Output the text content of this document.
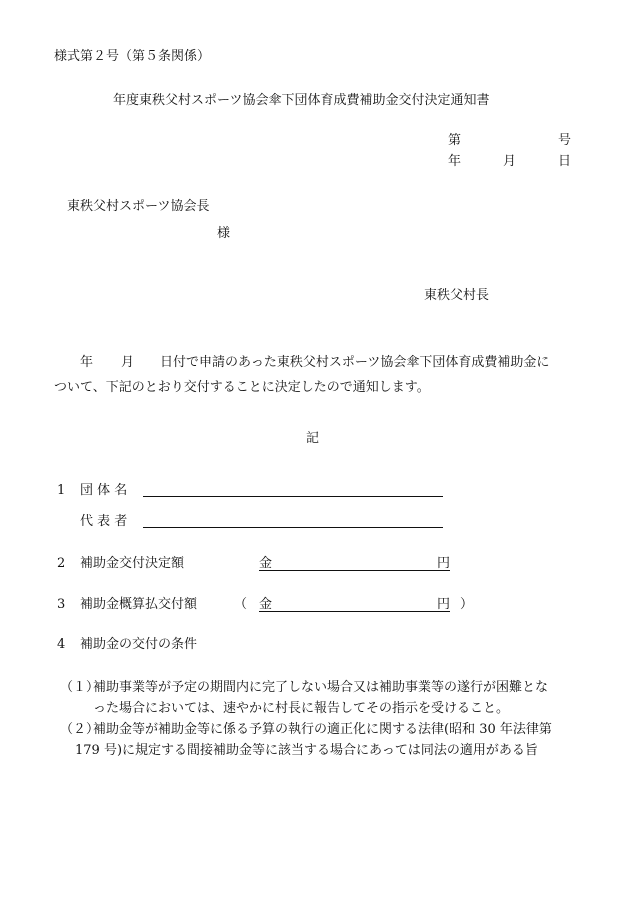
様式第２号（第５条関係）
年度東秩父村スポーツ協会傘下団体育成費補助金交付決定通知書
第	号
年	月	日
東秩父村スポーツ協会長
様
東秩父村長
年 月 日付で申請のあった東秩父村スポーツ協会傘下団体育成費補助金に
ついて、下記のとおり交付することに決定したので通知します。
記
1 団 体 名
代 表 者
2 補助金交付決定額	金	円
3 補助金概算払交付額	（ 金	円 ）
4 補助金の交付の条件
（１）
補助事業等が予定の期間内に完了しない場合又は補助事業等の遂行が困難とな
った場合においては、速やかに村長に報告してその指示を受けること。
（２）
補助金等が補助金等に係る予算の執行の適正化に関する法律(昭和 30 年法律第
179 号)に規定する間接補助金等に該当する場合にあっては同法の適用がある旨
